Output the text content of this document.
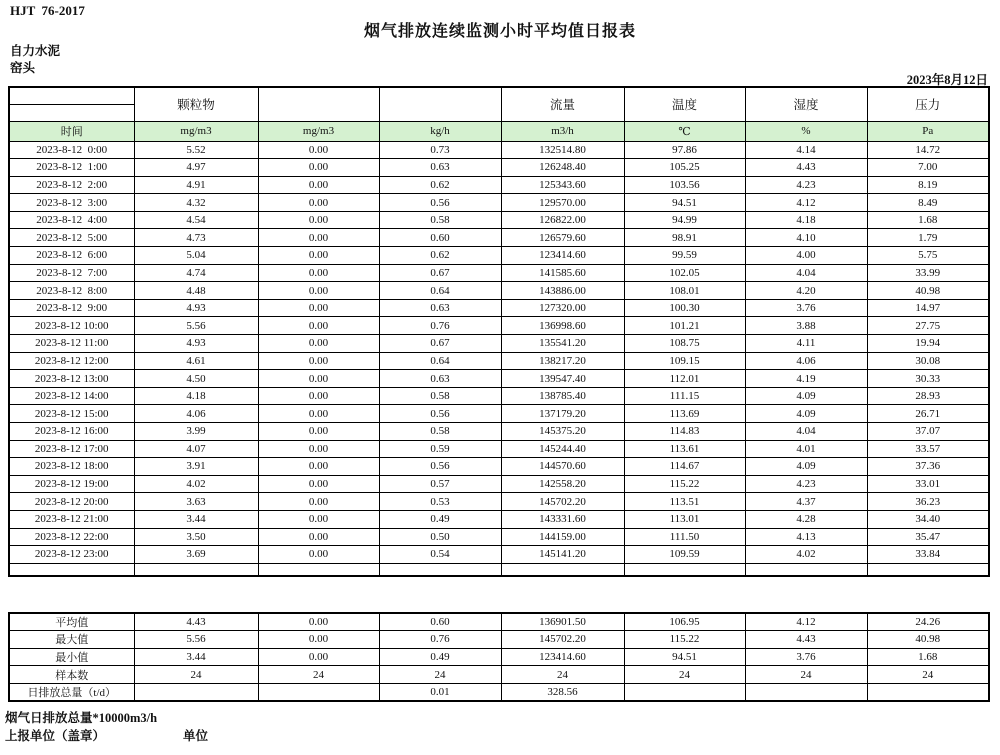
HJT  76-2017
烟气排放连续监测小时平均值日报表
自力水泥
窑头
2023年8月12日
	颗粒物			流量	温度	湿度	压力

时间	mg/m3	mg/m3	kg/h	m3/h	℃	%	Pa
2023-8-12  0:00	5.52	0.00	0.73	132514.80	97.86	4.14	14.72
2023-8-12  1:00	4.97	0.00	0.63	126248.40	105.25	4.43	7.00
2023-8-12  2:00	4.91	0.00	0.62	125343.60	103.56	4.23	8.19
2023-8-12  3:00	4.32	0.00	0.56	129570.00	94.51	4.12	8.49
2023-8-12  4:00	4.54	0.00	0.58	126822.00	94.99	4.18	1.68
2023-8-12  5:00	4.73	0.00	0.60	126579.60	98.91	4.10	1.79
2023-8-12  6:00	5.04	0.00	0.62	123414.60	99.59	4.00	5.75
2023-8-12  7:00	4.74	0.00	0.67	141585.60	102.05	4.04	33.99
2023-8-12  8:00	4.48	0.00	0.64	143886.00	108.01	4.20	40.98
2023-8-12  9:00	4.93	0.00	0.63	127320.00	100.30	3.76	14.97
2023-8-12 10:00	5.56	0.00	0.76	136998.60	101.21	3.88	27.75
2023-8-12 11:00	4.93	0.00	0.67	135541.20	108.75	4.11	19.94
2023-8-12 12:00	4.61	0.00	0.64	138217.20	109.15	4.06	30.08
2023-8-12 13:00	4.50	0.00	0.63	139547.40	112.01	4.19	30.33
2023-8-12 14:00	4.18	0.00	0.58	138785.40	111.15	4.09	28.93
2023-8-12 15:00	4.06	0.00	0.56	137179.20	113.69	4.09	26.71
2023-8-12 16:00	3.99	0.00	0.58	145375.20	114.83	4.04	37.07
2023-8-12 17:00	4.07	0.00	0.59	145244.40	113.61	4.01	33.57
2023-8-12 18:00	3.91	0.00	0.56	144570.60	114.67	4.09	37.36
2023-8-12 19:00	4.02	0.00	0.57	142558.20	115.22	4.23	33.01
2023-8-12 20:00	3.63	0.00	0.53	145702.20	113.51	4.37	36.23
2023-8-12 21:00	3.44	0.00	0.49	143331.60	113.01	4.28	34.40
2023-8-12 22:00	3.50	0.00	0.50	144159.00	111.50	4.13	35.47
2023-8-12 23:00	3.69	0.00	0.54	145141.20	109.59	4.02	33.84

平均值	4.43	0.00	0.60	136901.50	106.95	4.12	24.26
最大值	5.56	0.00	0.76	145702.20	115.22	4.43	40.98
最小值	3.44	0.00	0.49	123414.60	94.51	3.76	1.68
样本数	24	24	24	24	24	24	24
日排放总量（t/d）			0.01	328.56			
烟气日排放总量*10000m3/h
上报单位（盖章）	单位
